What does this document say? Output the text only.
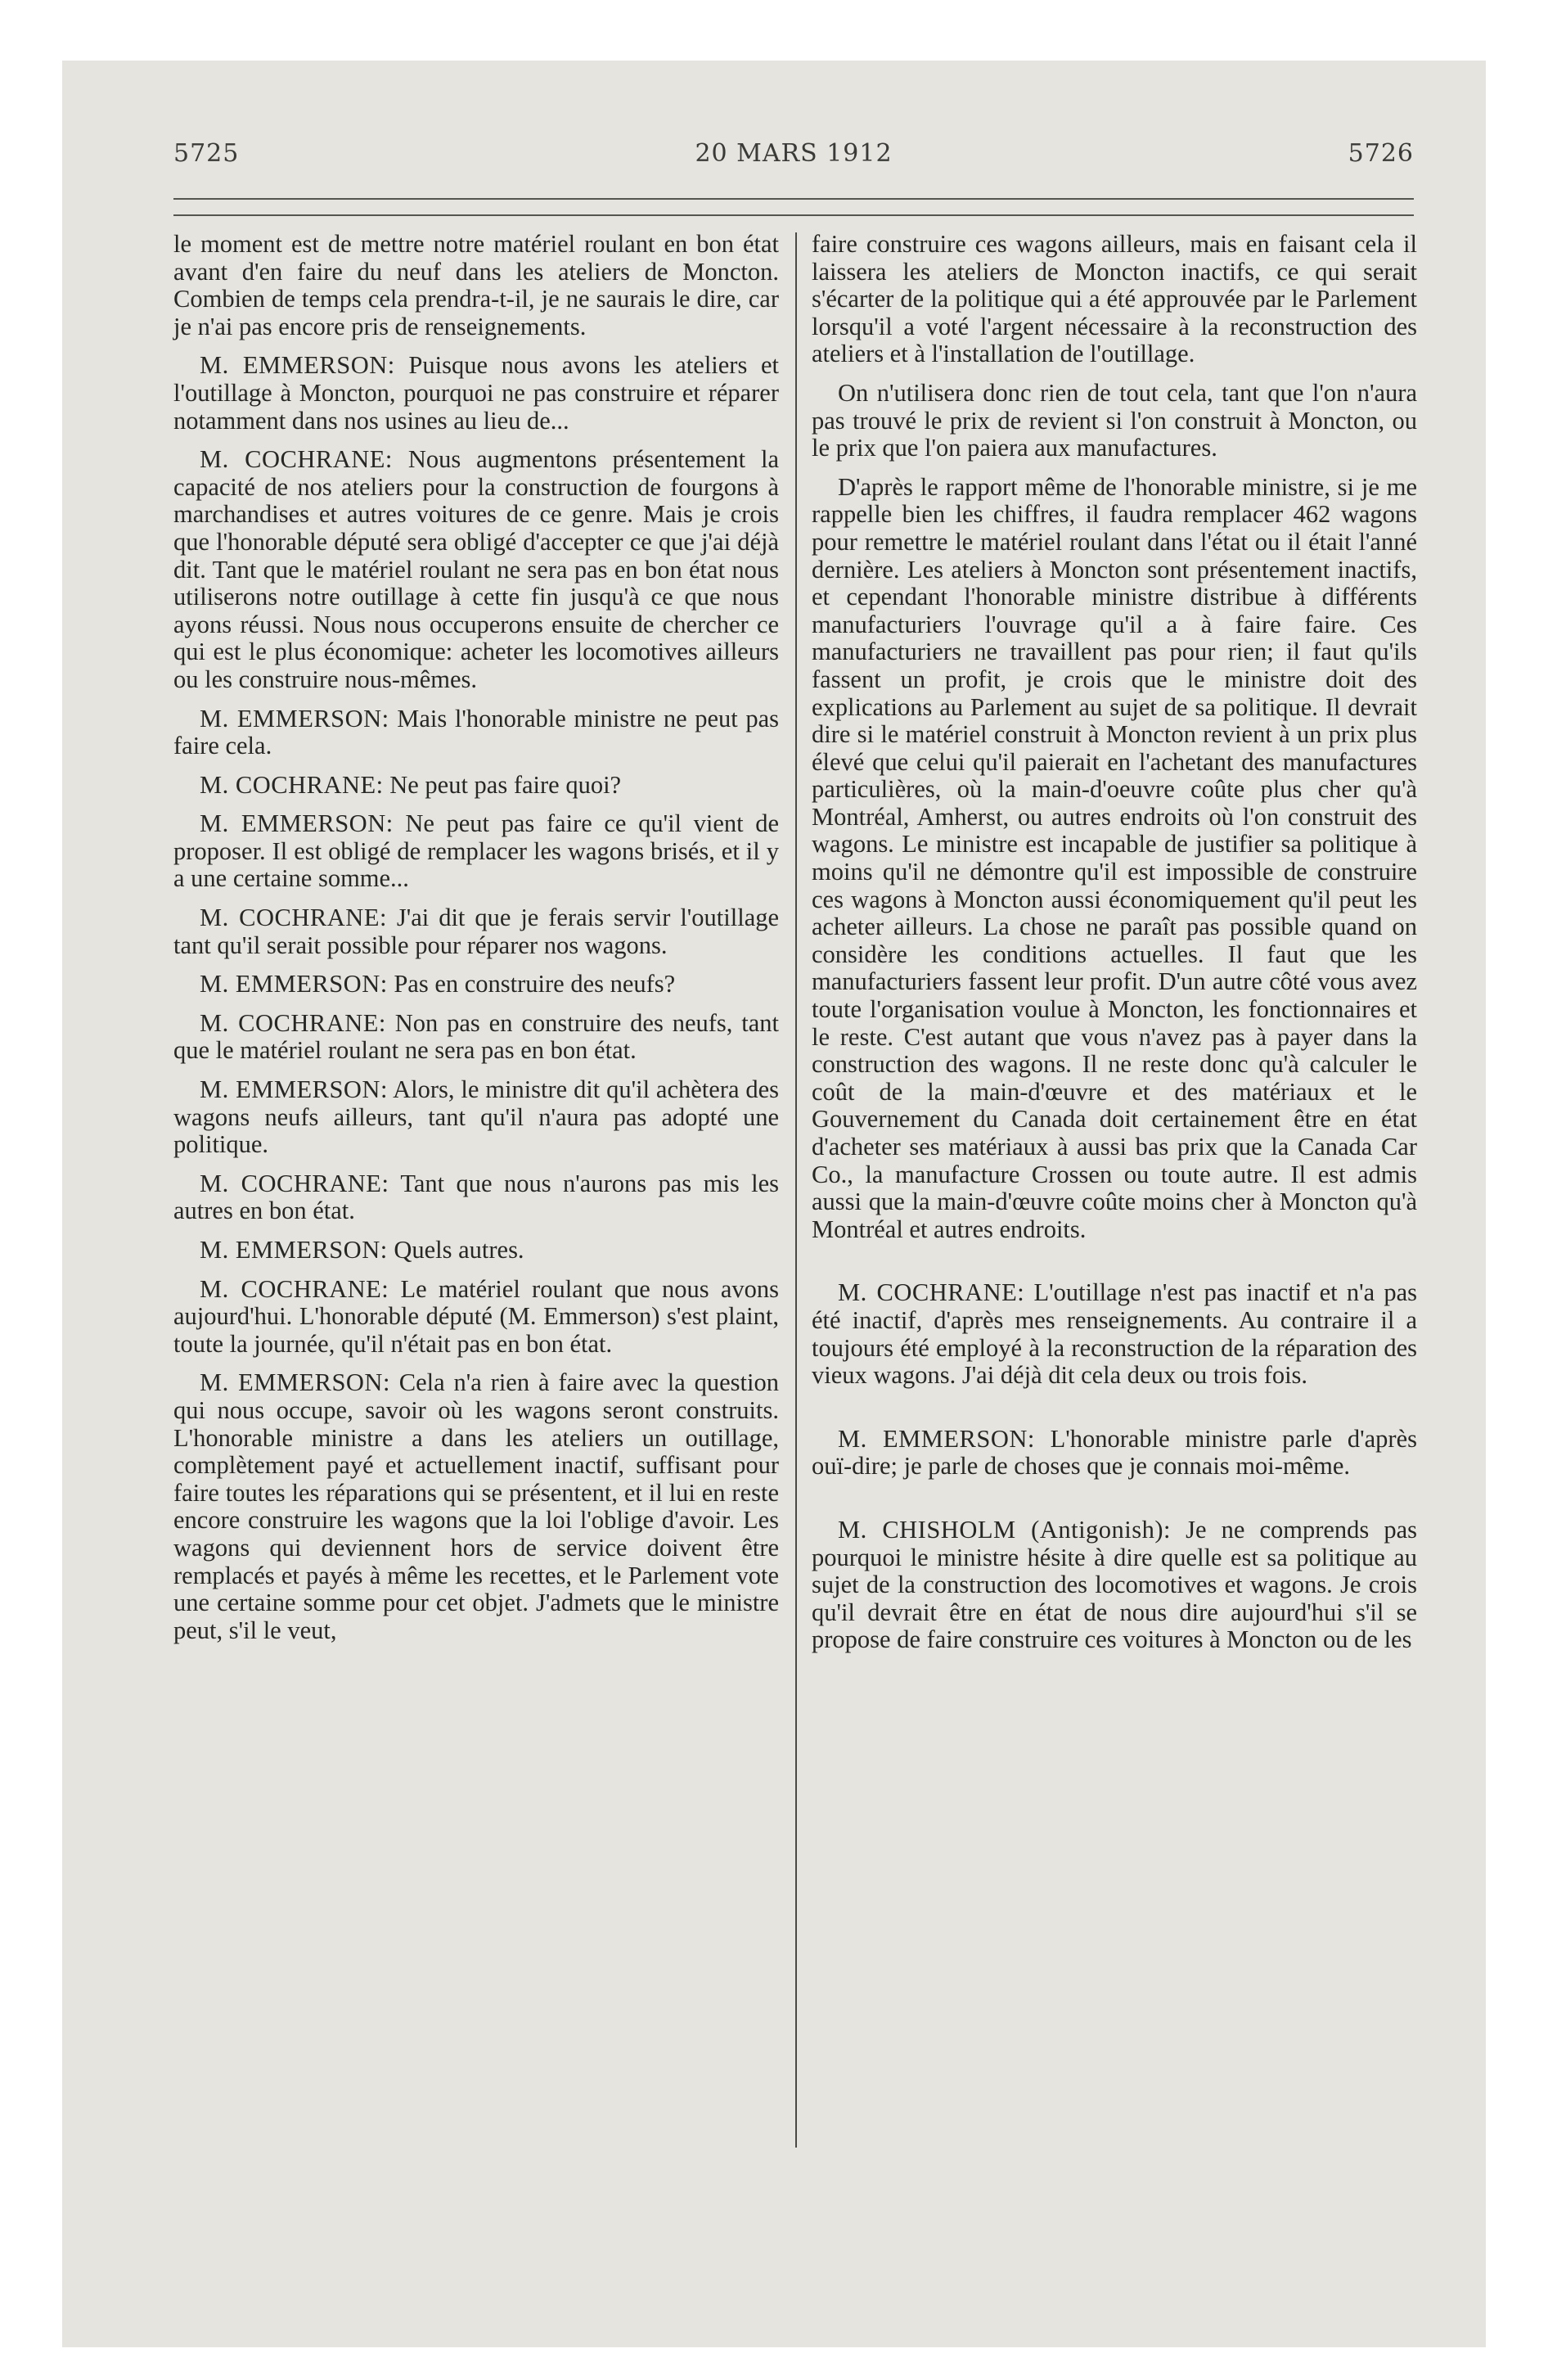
5725	20 MARS 1912	5726

le moment est de mettre notre matériel roulant en bon état avant d'en faire du neuf dans les ateliers de Moncton. Combien de temps cela prendra-t-il, je ne saurais le dire, car je n'ai pas encore pris de renseignements.

M. EMMERSON: Puisque nous avons les ateliers et l'outillage à Moncton, pourquoi ne pas construire et réparer notamment dans nos usines au lieu de...

M. COCHRANE: Nous augmentons présentement la capacité de nos ateliers pour la construction de fourgons à marchandises et autres voitures de ce genre. Mais je crois que l'honorable député sera obligé d'accepter ce que j'ai déjà dit. Tant que le matériel roulant ne sera pas en bon état nous utiliserons notre outillage à cette fin jusqu'à ce que nous ayons réussi. Nous nous occuperons ensuite de chercher ce qui est le plus économique: acheter les locomotives ailleurs ou les construire nous-mêmes.

M. EMMERSON: Mais l'honorable ministre ne peut pas faire cela.

M. COCHRANE: Ne peut pas faire quoi?

M. EMMERSON: Ne peut pas faire ce qu'il vient de proposer. Il est obligé de remplacer les wagons brisés, et il y a une certaine somme...

M. COCHRANE: J'ai dit que je ferais servir l'outillage tant qu'il serait possible pour réparer nos wagons.

M. EMMERSON: Pas en construire des neufs?

M. COCHRANE: Non pas en construire des neufs, tant que le matériel roulant ne sera pas en bon état.

M. EMMERSON: Alors, le ministre dit qu'il achètera des wagons neufs ailleurs, tant qu'il n'aura pas adopté une politique.

M. COCHRANE: Tant que nous n'aurons pas mis les autres en bon état.

M. EMMERSON: Quels autres.

M. COCHRANE: Le matériel roulant que nous avons aujourd'hui. L'honorable député (M. Emmerson) s'est plaint, toute la journée, qu'il n'était pas en bon état.

M. EMMERSON: Cela n'a rien à faire avec la question qui nous occupe, savoir où les wagons seront construits. L'honorable ministre a dans les ateliers un outillage, complètement payé et actuellement inactif, suffisant pour faire toutes les réparations qui se présentent, et il lui en reste encore construire les wagons que la loi l'oblige d'avoir. Les wagons qui deviennent hors de service doivent être remplacés et payés à même les recettes, et le Parlement vote une certaine somme pour cet objet. J'admets que le ministre peut, s'il le veut,

faire construire ces wagons ailleurs, mais en faisant cela il laissera les ateliers de Moncton inactifs, ce qui serait s'écarter de la politique qui a été approuvée par le Parlement lorsqu'il a voté l'argent nécessaire à la reconstruction des ateliers et à l'installation de l'outillage.

On n'utilisera donc rien de tout cela, tant que l'on n'aura pas trouvé le prix de revient si l'on construit à Moncton, ou le prix que l'on paiera aux manufactures.

D'après le rapport même de l'honorable ministre, si je me rappelle bien les chiffres, il faudra remplacer 462 wagons pour remettre le matériel roulant dans l'état ou il était l'anné dernière. Les ateliers à Moncton sont présentement inactifs, et cependant l'honorable ministre distribue à différents manufacturiers l'ouvrage qu'il a à faire faire. Ces manufacturiers ne travaillent pas pour rien; il faut qu'ils fassent un profit, je crois que le ministre doit des explications au Parlement au sujet de sa politique. Il devrait dire si le matériel construit à Moncton revient à un prix plus élevé que celui qu'il paierait en l'achetant des manufactures particulières, où la main-d'oeuvre coûte plus cher qu'à Montréal, Amherst, ou autres endroits où l'on construit des wagons. Le ministre est incapable de justifier sa politique à moins qu'il ne démontre qu'il est impossible de construire ces wagons à Moncton aussi économiquement qu'il peut les acheter ailleurs. La chose ne paraît pas possible quand on considère les conditions actuelles. Il faut que les manufacturiers fassent leur profit. D'un autre côté vous avez toute l'organisation voulue à Moncton, les fonctionnaires et le reste. C'est autant que vous n'avez pas à payer dans la construction des wagons. Il ne reste donc qu'à calculer le coût de la main-d'œuvre et des matériaux et le Gouvernement du Canada doit certainement être en état d'acheter ses matériaux à aussi bas prix que la Canada Car Co., la manufacture Crossen ou toute autre. Il est admis aussi que la main-d'œuvre coûte moins cher à Moncton qu'à Montréal et autres endroits.

M. COCHRANE: L'outillage n'est pas inactif et n'a pas été inactif, d'après mes renseignements. Au contraire il a toujours été employé à la reconstruction de la réparation des vieux wagons. J'ai déjà dit cela deux ou trois fois.

M. EMMERSON: L'honorable ministre parle d'après ouï-dire; je parle de choses que je connais moi-même.

M. CHISHOLM (Antigonish): Je ne comprends pas pourquoi le ministre hésite à dire quelle est sa politique au sujet de la construction des locomotives et wagons. Je crois qu'il devrait être en état de nous dire aujourd'hui s'il se propose de faire construire ces voitures à Moncton ou de les
